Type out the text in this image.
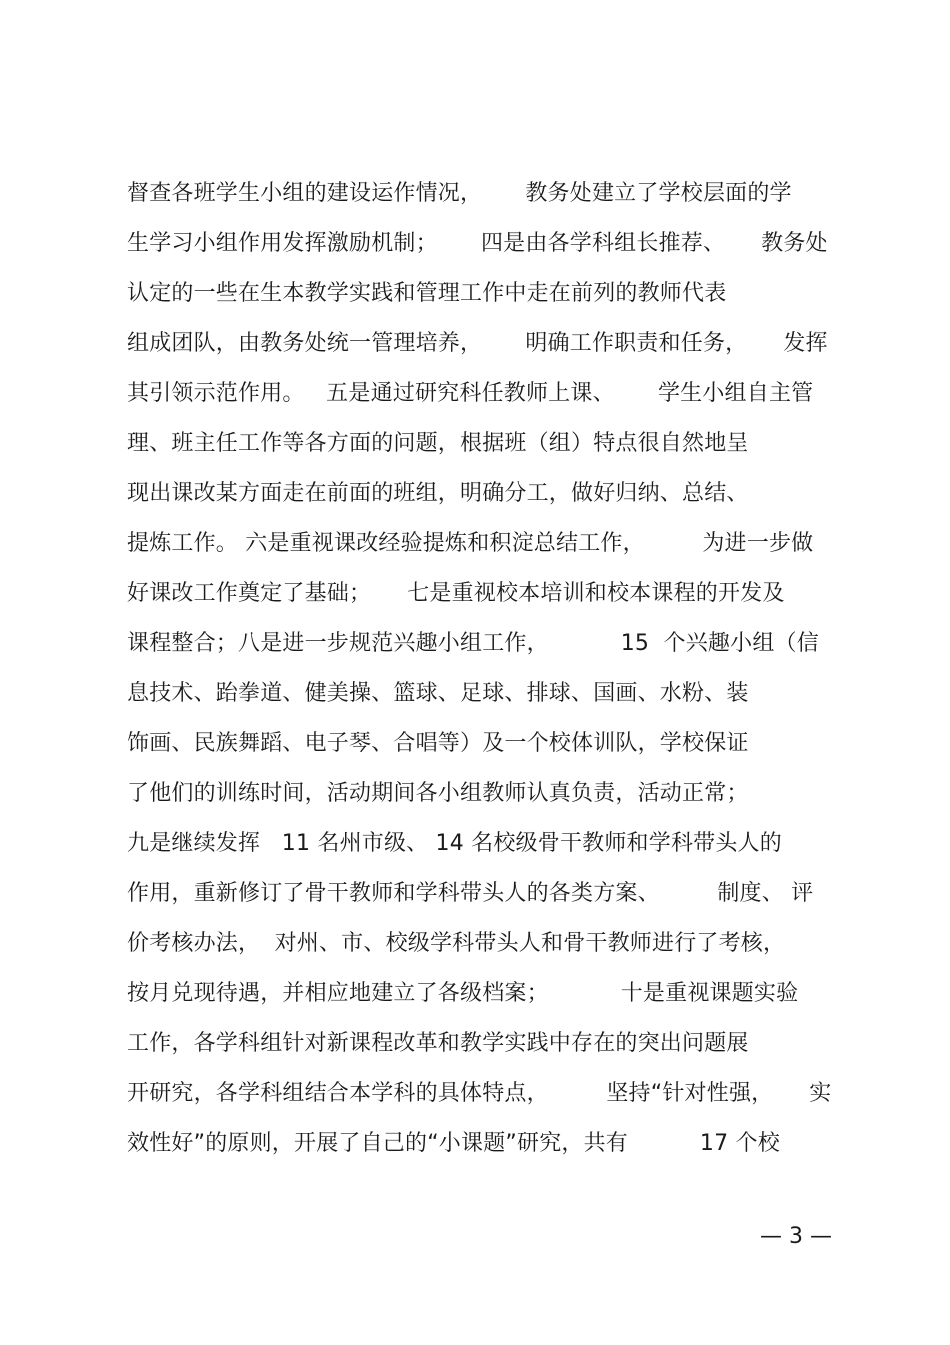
督查各班学生小组的建设运作情况，      教务处建立了学校层面的学
生学习小组作用发挥激励机制；      四是由各学科组长推荐、     教务处
认定的一些在生本教学实践和管理工作中走在前列的教师代表
组成团队，由教务处统一管理培养，      明确工作职责和任务，     发挥
其引领示范作用。   五是通过研究科任教师上课、      学生小组自主管
理、班主任工作等各方面的问题，根据班（组）特点很自然地呈
现出课改某方面走在前面的班组，明确分工，做好归纳、总结、
提炼工作。 六是重视课改经验提炼和积淀总结工作，        为进一步做
好课改工作奠定了基础；     七是重视校本培训和校本课程的开发及
课程整合；八是进一步规范兴趣小组工作，          15  个兴趣小组（信
息技术、跆拳道、健美操、篮球、足球、排球、国画、水粉、装
饰画、民族舞蹈、电子琴、合唱等）及一个校体训队，学校保证
了他们的训练时间，活动期间各小组教师认真负责，活动正常；
九是继续发挥   11 名州市级、 14 名校级骨干教师和学科带头人的
作用，重新修订了骨干教师和学科带头人的各类方案、        制度、 评
价考核办法，  对州、市、校级学科带头人和骨干教师进行了考核，
按月兑现待遇，并相应地建立了各级档案；          十是重视课题实验
工作，各学科组针对新课程改革和教学实践中存在的突出问题展
开研究，各学科组结合本学科的具体特点，        坚持“针对性强，     实
效性好”的原则，开展了自己的“小课题”研究，共有          17 个校
— 3 —
